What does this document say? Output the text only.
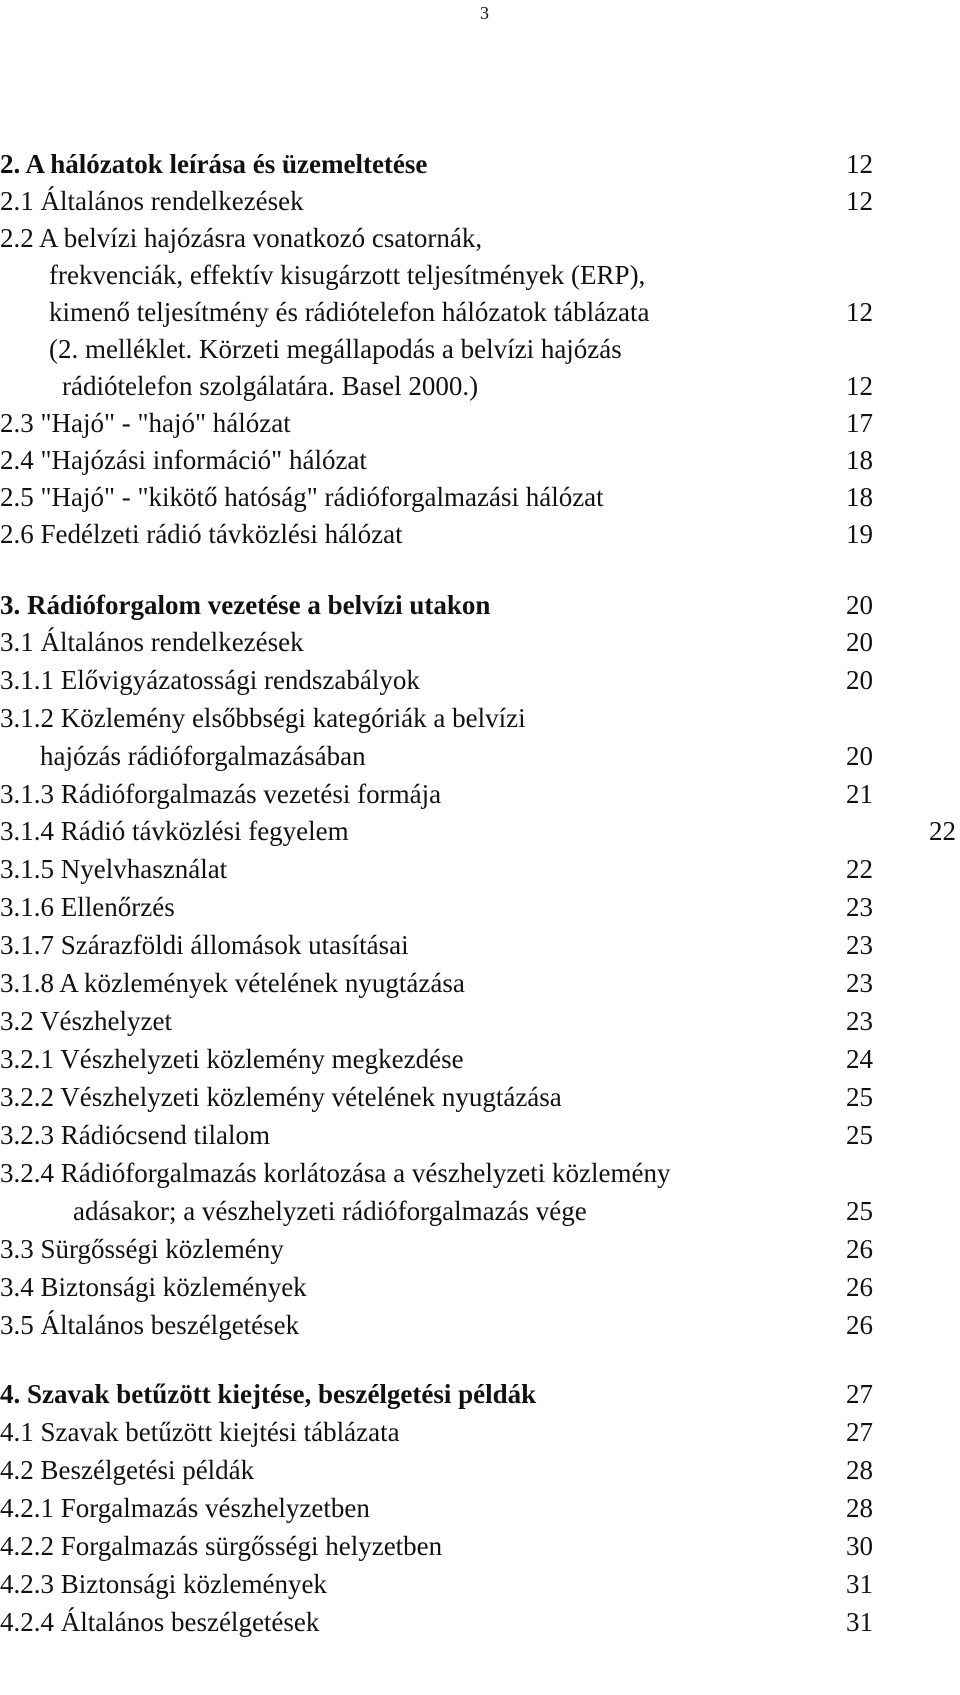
3
2. A hálózatok leírása és üzemeltetése	12
2.1 Általános rendelkezések	12
2.2 A belvízi hajózásra vonatkozó csatornák,
frekvenciák, effektív kisugárzott teljesítmények (ERP),
kimenő teljesítmény és rádiótelefon hálózatok táblázata	12
(2. melléklet. Körzeti megállapodás a belvízi hajózás
rádiótelefon szolgálatára. Basel 2000.)	12
2.3 "Hajó" - "hajó" hálózat	17
2.4 "Hajózási információ" hálózat	18
2.5 "Hajó" - "kikötő hatóság" rádióforgalmazási hálózat	18
2.6 Fedélzeti rádió távközlési hálózat	19
3. Rádióforgalom vezetése a belvízi utakon	20
3.1 Általános rendelkezések	20
3.1.1 Elővigyázatossági rendszabályok	20
3.1.2 Közlemény elsőbbségi kategóriák a belvízi
hajózás rádióforgalmazásában	20
3.1.3 Rádióforgalmazás vezetési formája	21
3.1.4 Rádió távközlési fegyelem	22
3.1.5 Nyelvhasználat	22
3.1.6 Ellenőrzés	23
3.1.7 Szárazföldi állomások utasításai	23
3.1.8 A közlemények vételének nyugtázása	23
3.2 Vészhelyzet	23
3.2.1 Vészhelyzeti közlemény megkezdése	24
3.2.2 Vészhelyzeti közlemény vételének nyugtázása	25
3.2.3 Rádiócsend tilalom	25
3.2.4 Rádióforgalmazás korlátozása a vészhelyzeti közlemény
adásakor; a vészhelyzeti rádióforgalmazás vége	25
3.3 Sürgősségi közlemény	26
3.4 Biztonsági közlemények	26
3.5 Általános beszélgetések	26
4. Szavak betűzött kiejtése, beszélgetési példák	27
4.1 Szavak betűzött kiejtési táblázata	27
4.2 Beszélgetési példák	28
4.2.1 Forgalmazás vészhelyzetben	28
4.2.2 Forgalmazás sürgősségi helyzetben	30
4.2.3 Biztonsági közlemények	31
4.2.4 Általános beszélgetések	31
